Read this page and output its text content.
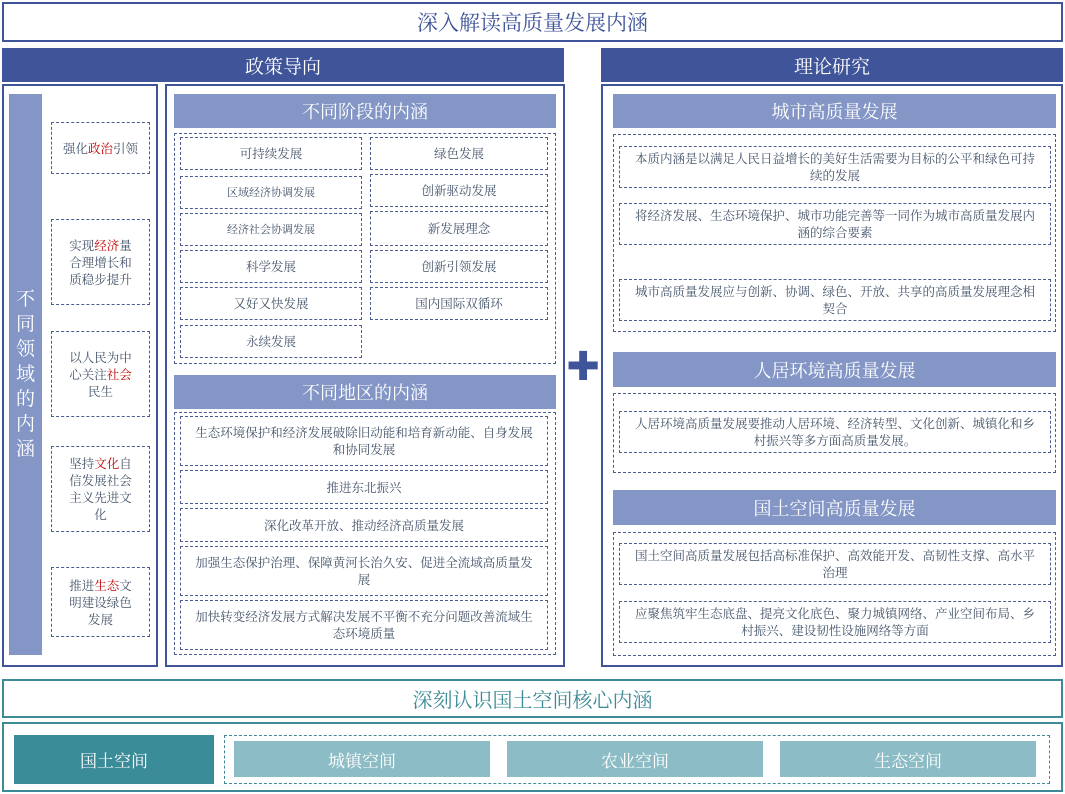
深入解读高质量发展内涵
政策导向	理论研究
不
同
领
域
的
内
涵
强化政治引领
实现经济量合理增长和质稳步提升
以人民为中心关注社会民生
坚持文化自信发展社会主义先进文化
推进生态文明建设绿色发展
不同阶段的内涵
可持续发展	绿色发展
区域经济协调发展	创新驱动发展
经济社会协调发展	新发展理念
科学发展	创新引领发展
又好又快发展	国内国际双循环
永续发展
不同地区的内涵
生态环境保护和经济发展破除旧动能和培育新动能、自身发展和协同发展
推进东北振兴
深化改革开放、推动经济高质量发展
加强生态保护治理、保障黄河长治久安、促进全流域高质量发展
加快转变经济发展方式解决发展不平衡不充分问题改善流域生态环境质量
✚
城市高质量发展
本质内涵是以满足人民日益增长的美好生活需要为目标的公平和绿色可持续的发展
将经济发展、生态环境保护、城市功能完善等一同作为城市高质量发展内涵的综合要素
城市高质量发展应与创新、协调、绿色、开放、共享的高质量发展理念相契合
人居环境高质量发展
人居环境高质量发展要推动人居环境、经济转型、文化创新、城镇化和乡村振兴等多方面高质量发展。
国土空间高质量发展
国土空间高质量发展包括高标准保护、高效能开发、高韧性支撑、高水平治理
应聚焦筑牢生态底盘、提亮文化底色、聚力城镇网络、产业空间布局、乡村振兴、建设韧性设施网络等方面
深刻认识国土空间核心内涵
国土空间	城镇空间	农业空间	生态空间
